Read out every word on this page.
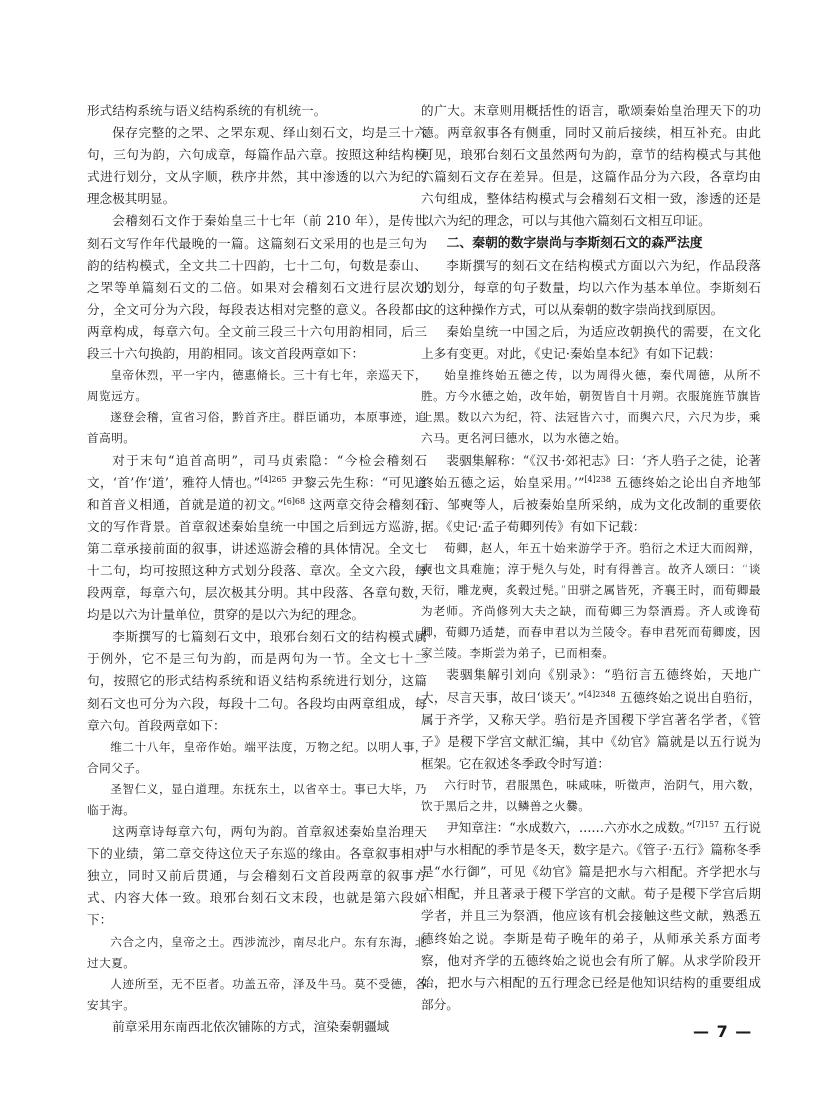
形式结构系统与语义结构系统的有机统一。

保存完整的之罘、之罘东观、绎山刻石文，均是三十六句，三句为韵，六句成章，每篇作品六章。按照这种结构模式进行划分，文从字顺，秩序井然，其中渗透的以六为纪的理念极其明显。

会稽刻石文作于秦始皇三十七年（前 210 年），是传世刻石文写作年代最晚的一篇。这篇刻石文采用的也是三句为韵的结构模式，全文共二十四韵，七十二句，句数是泰山、之罘等单篇刻石文的二倍。如果对会稽刻石文进行层次划分，全文可分为六段，每段表达相对完整的意义。各段都由两章构成，每章六句。全文前三段三十六句用韵相同，后三段三十六句换韵，用韵相同。该文首段两章如下：

皇帝休烈，平一宇内，德惠脩长。三十有七年，亲巡天下，周览远方。

遂登会稽，宣省习俗，黔首齐庄。群臣诵功，本原事迹，追首高明。

对于末句“追首高明”，司马贞索隐：“今检会稽刻石文，‘首’作‘道’，雅符人情也。”$^{[4]265}$ 尹黎云先生称：“可见道和首音义相通，首就是道的初文。”$^{[6]68}$ 这两章交待会稽刻石文的写作背景。首章叙述秦始皇统一中国之后到远方巡游，第二章承接前面的叙事，讲述巡游会稽的具体情况。全文七十二句，均可按照这种方式划分段落、章次。全文六段，每段两章，每章六句，层次极其分明。其中段落、各章句数，均是以六为计量单位，贯穿的是以六为纪的理念。

李斯撰写的七篇刻石文中，琅邪台刻石文的结构模式属于例外，它不是三句为韵，而是两句为一节。全文七十二句，按照它的形式结构系统和语义结构系统进行划分，这篇刻石文也可分为六段，每段十二句。各段均由两章组成，每章六句。首段两章如下：

维二十八年，皇帝作始。端平法度，万物之纪。以明人事，合同父子。

圣智仁义，显白道理。东抚东土，以省卒士。事已大毕，乃临于海。

这两章诗每章六句，两句为韵。首章叙述秦始皇治理天下的业绩，第二章交待这位天子东巡的缘由。各章叙事相对独立，同时又前后贯通，与会稽刻石文首段两章的叙事方式、内容大体一致。琅邪台刻石文末段，也就是第六段如下：

六合之内，皇帝之土。西涉流沙，南尽北户。东有东海，北过大夏。

人迹所至，无不臣者。功盖五帝，泽及牛马。莫不受德，各安其宇。

前章采用东南西北依次铺陈的方式，渲染秦朝疆域

的广大。末章则用概括性的语言，歌颂秦始皇治理天下的功德。两章叙事各有侧重，同时又前后接续，相互补充。由此可见，琅邪台刻石文虽然两句为韵，章节的结构模式与其他六篇刻石文存在差异。但是，这篇作品分为六段，各章均由六句组成，整体结构模式与会稽刻石文相一致，渗透的还是以六为纪的理念，可以与其他六篇刻石文相互印证。

二、秦朝的数字崇尚与李斯刻石文的森严法度

李斯撰写的刻石文在结构模式方面以六为纪，作品段落的划分，每章的句子数量，均以六作为基本单位。李斯刻石文的这种操作方式，可以从秦朝的数字崇尚找到原因。

秦始皇统一中国之后，为适应改朝换代的需要，在文化上多有变更。对此，《史记·秦始皇本纪》有如下记载：

始皇推终始五德之传，以为周得火德，秦代周德，从所不胜。方今水德之始，改年始，朝贺皆自十月朔。衣服旄旌节旗皆上黑。数以六为纪，符、法冠皆六寸，而舆六尺，六尺为步，乘六马。更名河曰德水，以为水德之始。

裴骃集解称：“《汉书·郊祀志》曰：‘齐人驺子之徒，论著终始五德之运，始皇采用。’”$^{[4]238}$ 五德终始之论出自齐地邹衍、邹奭等人，后被秦始皇所采纳，成为文化改制的重要依据。《史记·孟子荀卿列传》有如下记载：

荀卿，赵人，年五十始来游学于齐。驺衍之术迂大而闳辩，奭也文具难施；淳于髡久与处，时有得善言。故齐人颂曰：“谈天衍，雕龙奭，炙毂过髡。”田骈之属皆死，齐襄王时，而荀卿最为老师。齐尚修列大夫之缺，而荀卿三为祭酒焉。齐人或谗荀卿，荀卿乃适楚，而春申君以为兰陵令。春申君死而荀卿废，因家兰陵。李斯尝为弟子，已而相秦。

裴骃集解引刘向《别录》：“驺衍言五德终始，天地广大，尽言天事，故曰‘谈天’。”$^{[4]2348}$ 五德终始之说出自驺衍，属于齐学，又称天学。驺衍是齐国稷下学宫著名学者，《管子》是稷下学宫文献汇编，其中《幼官》篇就是以五行说为框架。它在叙述冬季政令时写道：

六行时节，君服黑色，味咸味，听徵声，治阴气，用六数，饮于黑后之井，以鳞兽之火爨。

尹知章注：“水成数六，……六亦水之成数。”$^{[7]157}$ 五行说中与水相配的季节是冬天，数字是六。《管子·五行》篇称冬季是“水行御”，可见《幼官》篇是把水与六相配。齐学把水与六相配，并且著录于稷下学宫的文献。荀子是稷下学宫后期学者，并且三为祭酒，他应该有机会接触这些文献，熟悉五德终始之说。李斯是荀子晚年的弟子，从师承关系方面考察，他对齐学的五德终始之说也会有所了解。从求学阶段开始，把水与六相配的五行理念已经是他知识结构的重要组成部分。

— 7 —
